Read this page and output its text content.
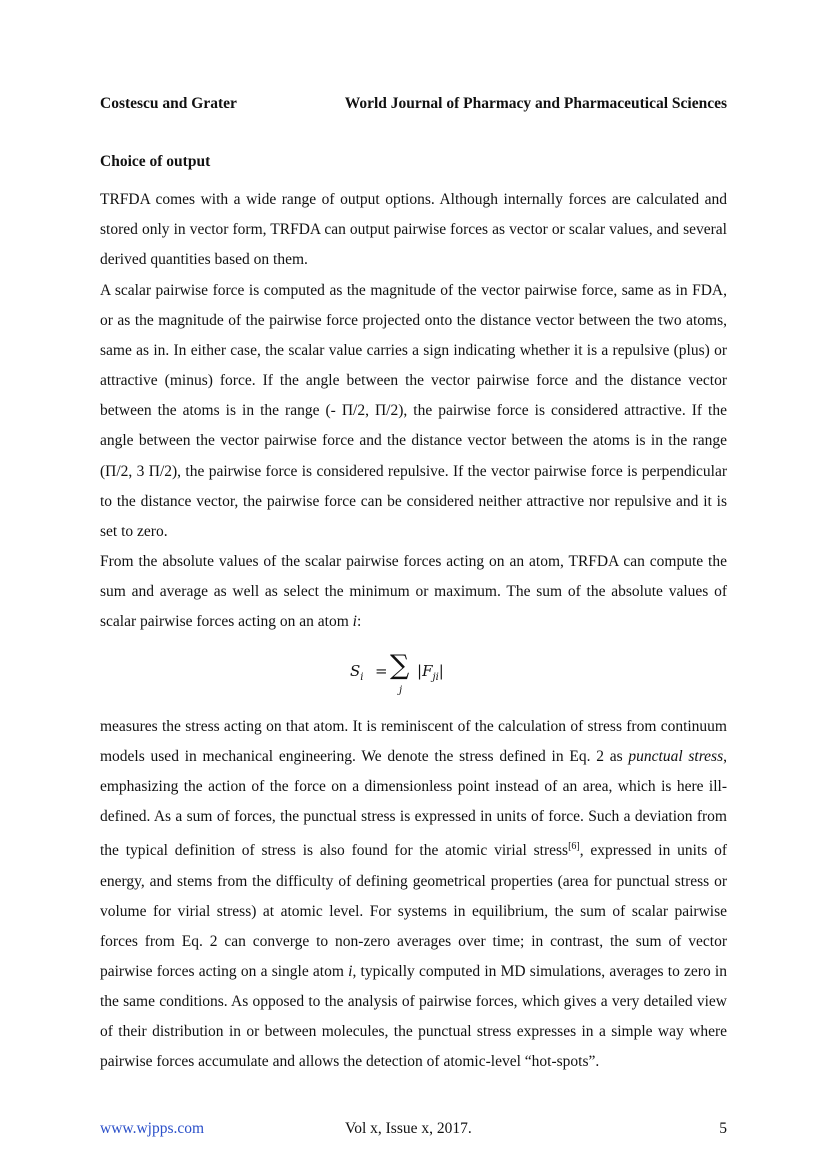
Costescu and Grater	World Journal of Pharmacy and Pharmaceutical Sciences
Choice of output

TRFDA comes with a wide range of output options. Although internally forces are calculated and stored only in vector form, TRFDA can output pairwise forces as vector or scalar values, and several derived quantities based on them.

A scalar pairwise force is computed as the magnitude of the vector pairwise force, same as in FDA, or as the magnitude of the pairwise force projected onto the distance vector between the two atoms, same as in. In either case, the scalar value carries a sign indicating whether it is a repulsive (plus) or attractive (minus) force. If the angle between the vector pairwise force and the distance vector between the atoms is in the range (- Π/2, Π/2), the pairwise force is considered attractive. If the angle between the vector pairwise force and the distance vector between the atoms is in the range (Π/2, 3 Π/2), the pairwise force is considered repulsive. If the vector pairwise force is perpendicular to the distance vector, the pairwise force can be considered neither attractive nor repulsive and it is set to zero.

From the absolute values of the scalar pairwise forces acting on an atom, TRFDA can compute the sum and average as well as select the minimum or maximum. The sum of the absolute values of scalar pairwise forces acting on an atom i:

$S_i$ = ∑
j
$|F_{ji}|$

measures the stress acting on that atom. It is reminiscent of the calculation of stress from continuum models used in mechanical engineering. We denote the stress defined in Eq. 2 as punctual stress, emphasizing the action of the force on a dimensionless point instead of an area, which is here ill-defined. As a sum of forces, the punctual stress is expressed in units of force. Such a deviation from the typical definition of stress is also found for the atomic virial stress[6], expressed in units of energy, and stems from the difficulty of defining geometrical properties (area for punctual stress or volume for virial stress) at atomic level. For systems in equilibrium, the sum of scalar pairwise forces from Eq. 2 can converge to non-zero averages over time; in contrast, the sum of vector pairwise forces acting on a single atom i, typically computed in MD simulations, averages to zero in the same conditions. As opposed to the analysis of pairwise forces, which gives a very detailed view of their distribution in or between molecules, the punctual stress expresses in a simple way where pairwise forces accumulate and allows the detection of atomic-level “hot-spots”.

www.wjpps.com	Vol x, Issue x, 2017.	5
